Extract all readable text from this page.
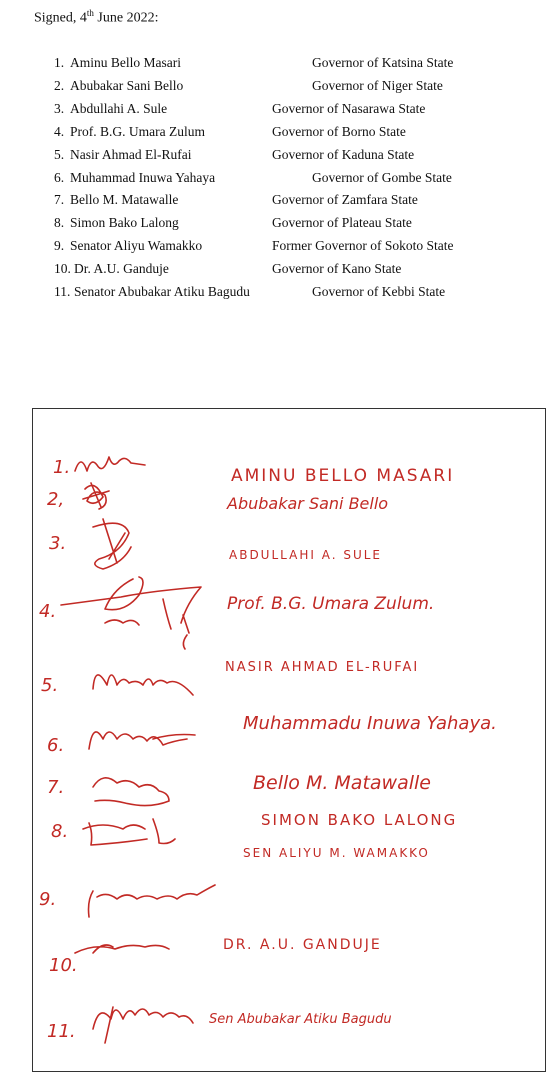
Signed, 4th June 2022:
1. Aminu Bello Masari	Governor of Katsina State
2. Abubakar Sani Bello	Governor of Niger State
3. Abdullahi A. Sule	Governor of Nasarawa State
4. Prof. B.G. Umara Zulum	Governor of Borno State
5. Nasir Ahmad El-Rufai	Governor of Kaduna State
6. Muhammad Inuwa Yahaya	Governor of Gombe State
7. Bello M. Matawalle	Governor of Zamfara State
8. Simon Bako Lalong	Governor of Plateau State
9. Senator Aliyu Wamakko	Former Governor of Sokoto State
10. Dr. A.U. Ganduje	Governor of Kano State
11. Senator Abubakar Atiku Bagudu	Governor of Kebbi State
1.
2,
3.
4.
5.
6.
7.
8.
9.
10.
11.
AMINU BELLO MASARI
Abubakar Sani Bello
ABDULLAHI A. SULE
Prof. B.G. Umara Zulum.
NASIR AHMAD EL-RUFAI
Muhammadu Inuwa Yahaya.
Bello M. Matawalle
SIMON BAKO LALONG
SEN ALIYU M. WAMAKKO
DR. A.U. GANDUJE
Sen Abubakar Atiku Bagudu
